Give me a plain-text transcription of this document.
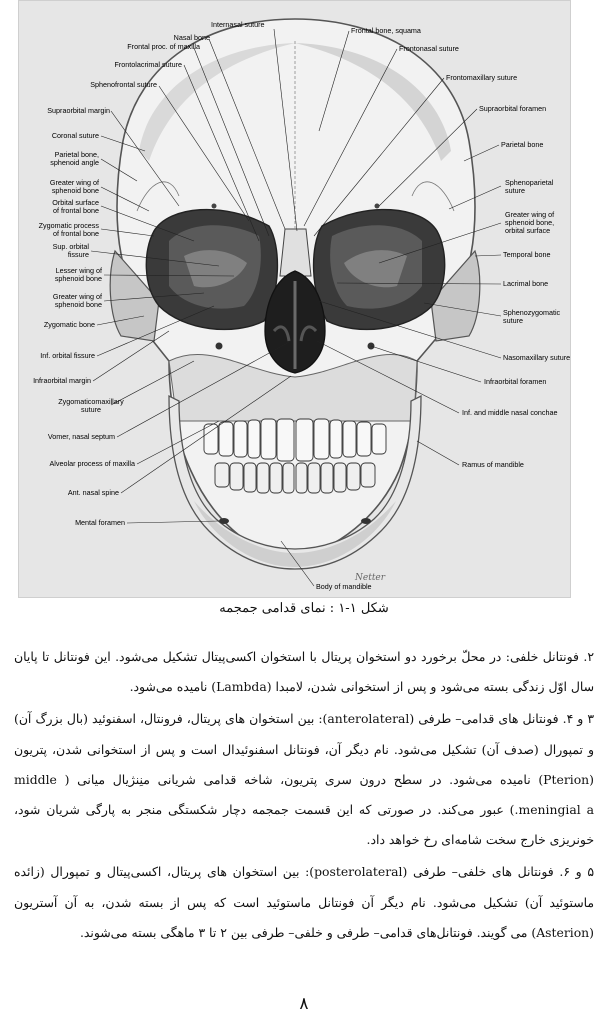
Nasal bone
Frontal proc. of maxilla
Frontolacrimal suture
Sphenofrontal suture
Supraorbital margin
Coronal suture
Parietal bone,
sphenoid angle
Greater wing of
sphenoid bone
Orbital surface
of frontal bone
Zygomatic process
of frontal bone
Sup. orbital
fissure
Lesser wing of
sphenoid bone
Greater wing of
sphenoid bone
Zygomatic bone
Inf. orbital fissure
Infraorbital margin
Zygomaticomaxillary
suture
Vomer, nasal septum
Alveolar process of maxilla
Ant. nasal spine
Mental foramen
Internasal suture
Frontal bone, squama
Frontonasal suture
Frontomaxillary suture
Supraorbital foramen
Parietal bone
Sphenoparietal
suture
Greater wing of
sphenoid bone,
orbital surface
Temporal bone
Lacrimal bone
Sphenozygomatic
suture
Nasomaxillary suture
Infraorbital foramen
Inf. and middle nasal conchae
Ramus of mandible
Body of mandible
Netter
شکل ۱-۱ : نمای قدامی جمجمه

۲. فونتانل خلفی: در محلّ برخورد دو استخوان پریتال با استخوان اکسی‌پیتال تشکیل می‌شود. این فونتانل تا پایان سال اوّل زندگی بسته می‌شود و پس از استخوانی شدن، لامبدا (Lambda) نامیده می‌شود.

۳ و ۴. فونتانل های قدامی– طرفی (anterolateral): بین استخوان های پریتال، فرونتال، اسفنوئید (بال بزرگ آن) و تمپورال (صدف آن) تشکیل می‌شود. نام دیگر آن، فونتانل اسفنوئیدال است و پس از استخوانی شدن، پتریون (Pterion) نامیده می‌شود. در سطح درون سری پتریون، شاخه قدامی شریانی منِنژیال میانی ( middle meningial a.) عبور می‌کند. در صورتی که این قسمت جمجمه دچار شکستگی منجر به پارگی شریان شود، خونریزی خارج سخت شامه‌ای رخ خواهد داد.

۵ و ۶. فونتانل های خلفی– طرفی (posterolateral): بین استخوان های پریتال، اکسی‌پیتال و تمپورال (زائده ماستوئید آن) تشکیل می‌شود. نام دیگر آن فونتانل ماستوئید است که پس از بسته شدن، به آن آستریون (Asterion) می گویند. فونتانل‌های قدامی– طرفی و خلفی– طرفی بین ۲ تا ۳ ماهگی بسته می‌شوند.

۸
